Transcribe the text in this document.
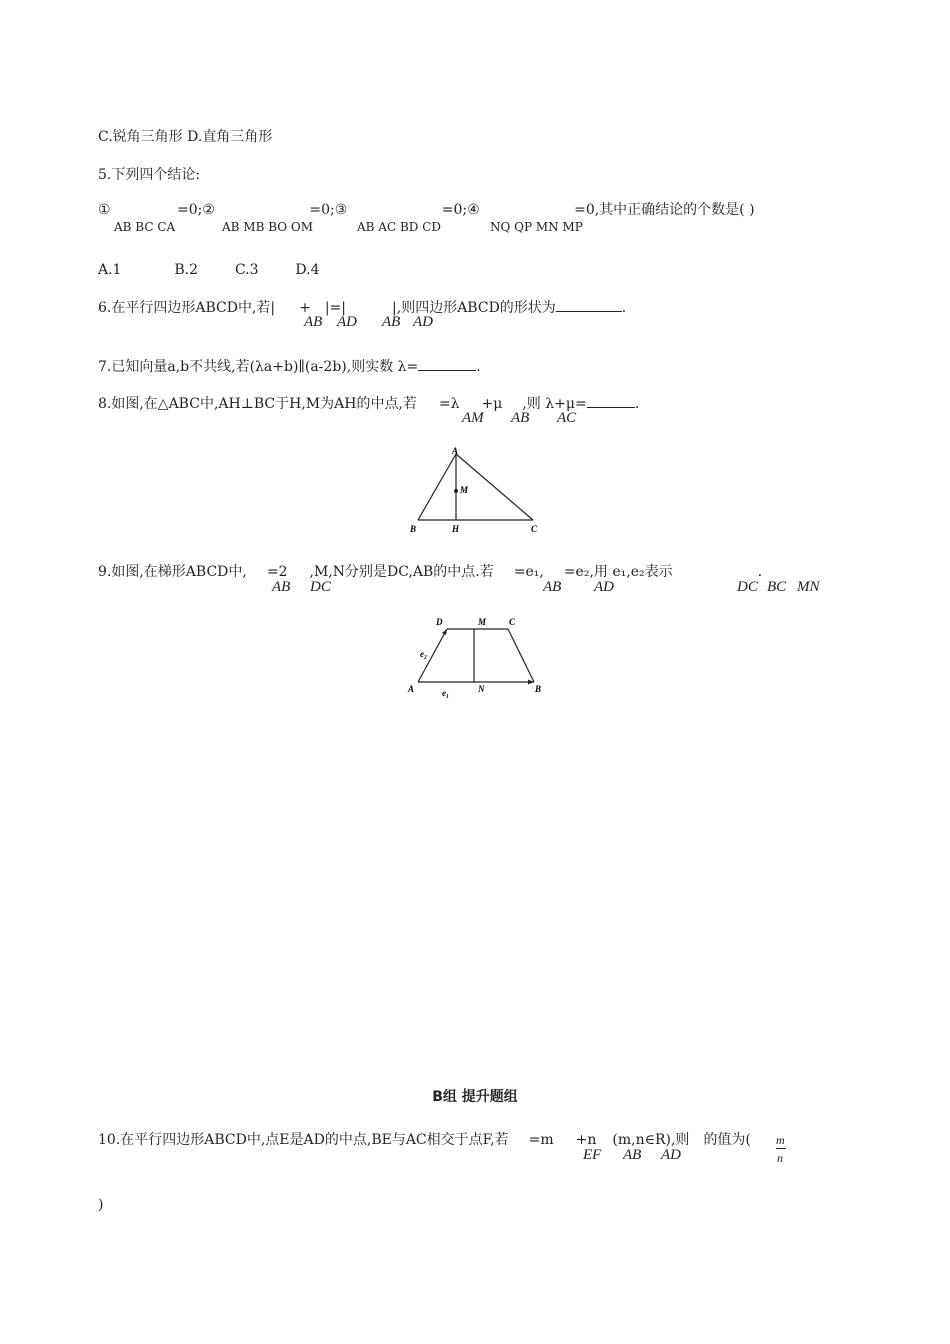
C.锐角三角形 D.直角三角形
5.下列四个结论:
①	=0;②	=0;③	=0;④	=0,其中正确结论的个数是( )
AB BC CA	AB MB BO OM	AB AC BD CD	NQ QP MN MP
A.1	B.2	C.3	D.4
6.在平行四边形ABCD中,若| + |=|	|,则四边形ABCD的形状为	.
AB AD AB AD
7.已知向量a,b不共线,若(λa+b)∥(a-2b),则实数 λ=	.
8.如图,在△ABC中,AH⊥BC于H,M为AH的中点,若 =λ +μ ,则 λ+μ=	.
AM AB AC
A
M
B	H	C
9.如图,在梯形ABCD中, =2 ,M,N分别是DC,AB的中点.若 =e₁, =e₂,用 e₁,e₂表示	.
AB DC	AB AD	DC BC MN
D	M	C
e₂
A	e₁	N	B
B组 提升题组
10.在平行四边形ABCD中,点E是AD的中点,BE与AC相交于点F,若 =m +n (m,n∈R),则 的值为(
EF AB AD
m
n
)
